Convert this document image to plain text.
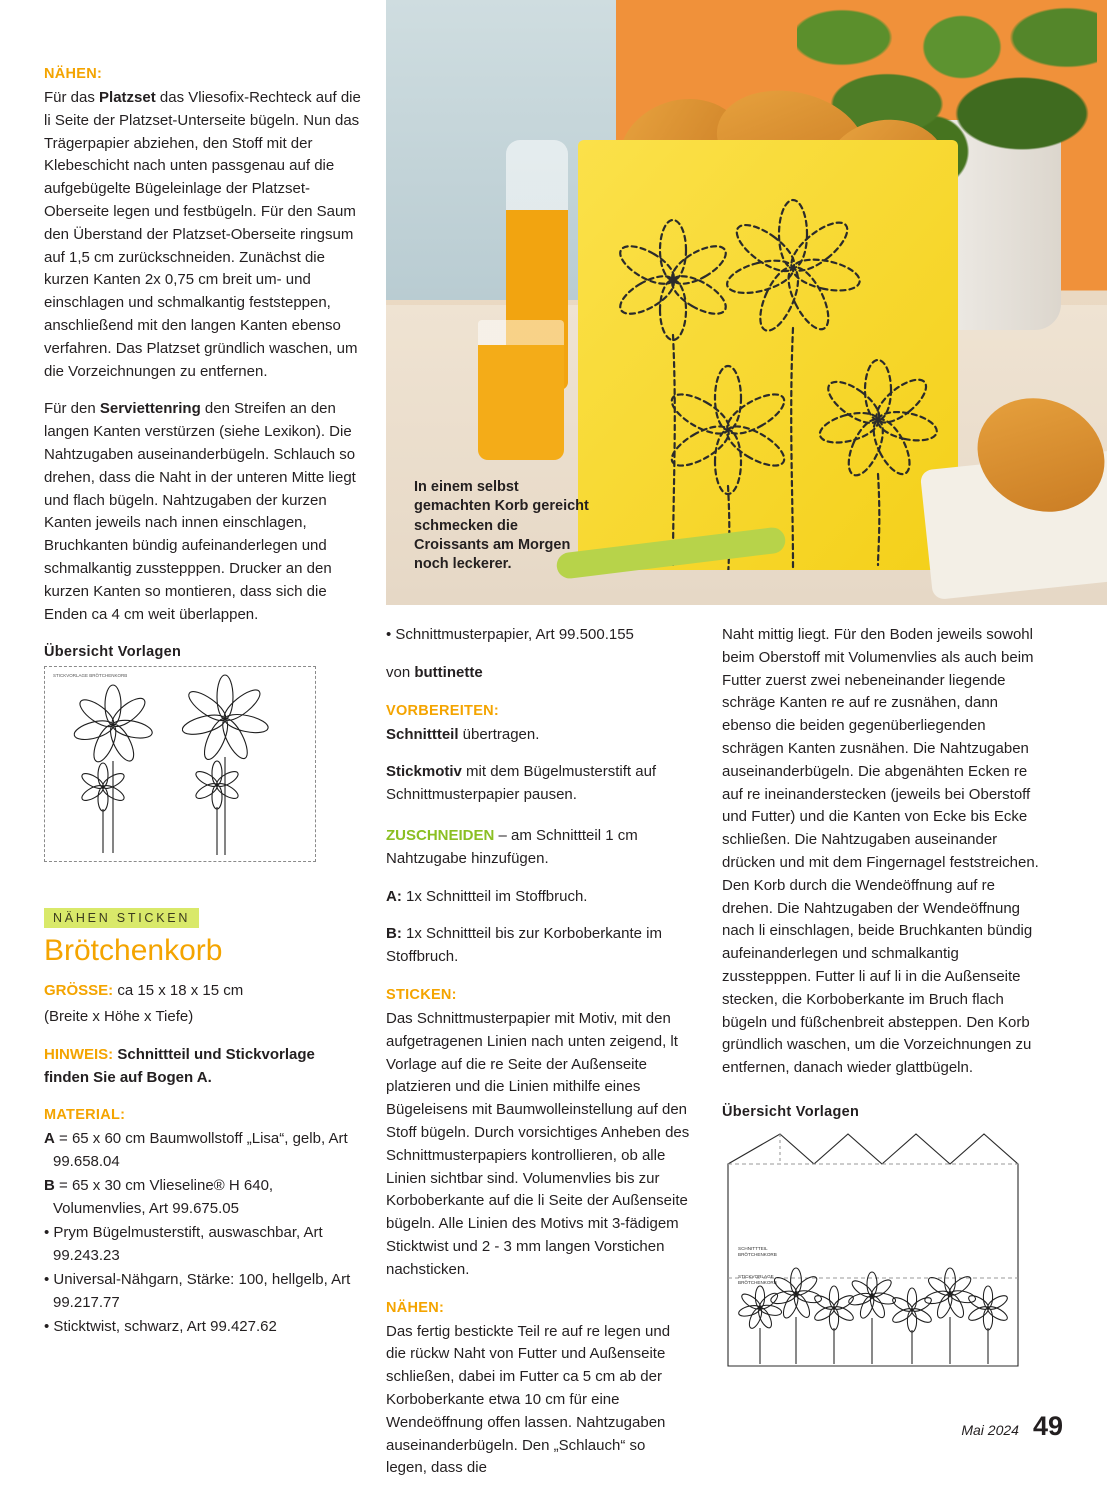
In einem selbst gemachten Korb gereicht schmecken die Croissants am Morgen noch leckerer.
NÄHEN:

Für das Platzset das Vliesofix-Rechteck auf die li Seite der Platzset-Unterseite bügeln. Nun das Trägerpapier abziehen, den Stoff mit der Klebeschicht nach unten passgenau auf die aufgebügelte Bügeleinlage der Platzset-Oberseite legen und festbügeln. Für den Saum den Überstand der Platzset-Oberseite ringsum auf 1,5 cm zurückschneiden. Zunächst die kurzen Kanten 2x 0,75 cm breit um- und einschlagen und schmalkantig feststeppen, anschließend mit den langen Kanten ebenso verfahren. Das Platzset gründlich waschen, um die Vorzeichnungen zu entfernen.

Für den Serviettenring den Streifen an den langen Kanten verstürzen (siehe Lexikon). Die Nahtzugaben auseinanderbügeln. Schlauch so drehen, dass die Naht in der unteren Mitte liegt und flach bügeln. Nahtzugaben der kurzen Kanten jeweils nach innen einschlagen, Bruchkanten bündig aufeinanderlegen und schmalkantig zusstepppen. Drucker an den kurzen Kanten so montieren, dass sich die Enden ca 4 cm weit überlappen.

Übersicht Vorlagen
STICKVORLAGE BRÖTCHENKORB
NÄHEN STICKEN
Brötchenkorb

GRÖSSE: ca 15 x 18 x 15 cm

(Breite x Höhe x Tiefe)

HINWEIS: Schnittteil und Stickvorlage finden Sie auf Bogen A.

MATERIAL:
A = 65 x 60 cm Baumwollstoff „Lisa“, gelb, Art 99.658.04
B = 65 x 30 cm Vlieseline® H 640, Volumenvlies, Art 99.675.05
• Prym Bügelmusterstift, auswaschbar, Art 99.243.23
• Universal-Nähgarn, Stärke: 100, hellgelb, Art 99.217.77
• Sticktwist, schwarz, Art 99.427.62

• Schnittmusterpapier, Art 99.500.155

von buttinette

VORBEREITEN:

Schnittteil übertragen.

Stickmotiv mit dem Bügelmusterstift auf Schnittmusterpapier pausen.

ZUSCHNEIDEN – am Schnittteil 1 cm Nahtzugabe hinzufügen.

A: 1x Schnittteil im Stoffbruch.

B: 1x Schnittteil bis zur Korboberkante im Stoffbruch.

STICKEN:

Das Schnittmusterpapier mit Motiv, mit den aufgetragenen Linien nach unten zeigend, lt Vorlage auf die re Seite der Außenseite platzieren und die Linien mithilfe eines Bügeleisens mit Baumwolleinstellung auf den Stoff bügeln. Durch vorsichtiges Anheben des Schnittmusterpapiers kontrollieren, ob alle Linien sichtbar sind. Volumenvlies bis zur Korboberkante auf die li Seite der Außenseite bügeln. Alle Linien des Motivs mit 3-fädigem Sticktwist und 2 - 3 mm langen Vorstichen nachsticken.

NÄHEN:

Das fertig bestickte Teil re auf re legen und die rückw Naht von Futter und Außenseite schließen, dabei im Futter ca 5 cm ab der Korboberkante etwa 10 cm für eine Wendeöffnung offen lassen. Nahtzugaben auseinanderbügeln. Den „Schlauch“ so legen, dass die

Naht mittig liegt. Für den Boden jeweils sowohl beim Oberstoff mit Volumenvlies als auch beim Futter zuerst zwei nebeneinander liegende schräge Kanten re auf re zusnähen, dann ebenso die beiden gegenüberliegenden schrägen Kanten zusnähen. Die Nahtzugaben auseinanderbügeln. Die abgenähten Ecken re auf re ineinanderstecken (jeweils bei Oberstoff und Futter) und die Kanten von Ecke bis Ecke schließen. Die Nahtzugaben auseinander drücken und mit dem Fingernagel feststreichen. Den Korb durch die Wendeöffnung auf re drehen. Die Nahtzugaben der Wendeöffnung nach li einschlagen, beide Bruchkanten bündig aufeinanderlegen und schmalkantig zusstepppen. Futter li auf li in die Außenseite stecken, die Korboberkante im Bruch flach bügeln und füßchenbreit absteppen. Den Korb gründlich waschen, um die Vorzeichnungen zu entfernen, danach wieder glattbügeln.

Übersicht Vorlagen
SCHNITTTEIL
BRÖTCHENKORB
STICKVORLAGE
BRÖTCHENKORB
Mai 2024 49
